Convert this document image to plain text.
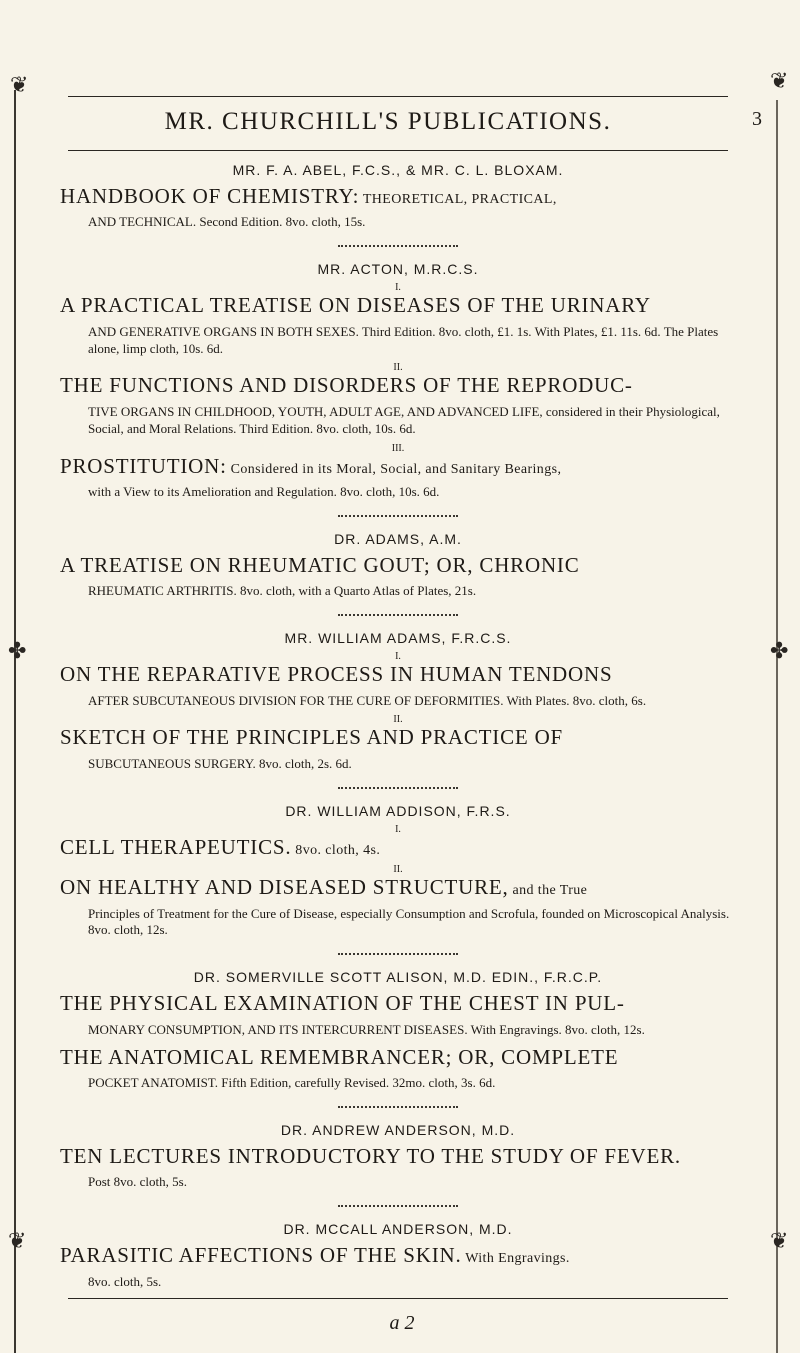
❦	❦
✤	✤
❦	❦
MR. CHURCHILL'S PUBLICATIONS.	3

MR. F. A. ABEL, F.C.S., & MR. C. L. BLOXAM.

HANDBOOK OF CHEMISTRY: THEORETICAL, PRACTICAL,

AND TECHNICAL. Second Edition. 8vo. cloth, 15s.

MR. ACTON, M.R.C.S.

I.

A PRACTICAL TREATISE ON DISEASES OF THE URINARY

AND GENERATIVE ORGANS IN BOTH SEXES. Third Edition. 8vo. cloth, £1. 1s. With Plates, £1. 11s. 6d. The Plates alone, limp cloth, 10s. 6d.

II.

THE FUNCTIONS AND DISORDERS OF THE REPRODUC-

TIVE ORGANS IN CHILDHOOD, YOUTH, ADULT AGE, AND ADVANCED LIFE, considered in their Physiological, Social, and Moral Relations. Third Edition. 8vo. cloth, 10s. 6d.

III.

PROSTITUTION: Considered in its Moral, Social, and Sanitary Bearings,

with a View to its Amelioration and Regulation. 8vo. cloth, 10s. 6d.

DR. ADAMS, A.M.

A TREATISE ON RHEUMATIC GOUT; OR, CHRONIC

RHEUMATIC ARTHRITIS. 8vo. cloth, with a Quarto Atlas of Plates, 21s.

MR. WILLIAM ADAMS, F.R.C.S.

I.

ON THE REPARATIVE PROCESS IN HUMAN TENDONS

AFTER SUBCUTANEOUS DIVISION FOR THE CURE OF DEFORMITIES. With Plates. 8vo. cloth, 6s.

II.

SKETCH OF THE PRINCIPLES AND PRACTICE OF

SUBCUTANEOUS SURGERY. 8vo. cloth, 2s. 6d.

DR. WILLIAM ADDISON, F.R.S.

I.

CELL THERAPEUTICS. 8vo. cloth, 4s.

II.

ON HEALTHY AND DISEASED STRUCTURE, and the True

Principles of Treatment for the Cure of Disease, especially Consumption and Scrofula, founded on Microscopical Analysis. 8vo. cloth, 12s.

DR. SOMERVILLE SCOTT ALISON, M.D. EDIN., F.R.C.P.

THE PHYSICAL EXAMINATION OF THE CHEST IN PUL-

MONARY CONSUMPTION, AND ITS INTERCURRENT DISEASES. With Engravings. 8vo. cloth, 12s.

THE ANATOMICAL REMEMBRANCER; OR, COMPLETE

POCKET ANATOMIST. Fifth Edition, carefully Revised. 32mo. cloth, 3s. 6d.

DR. ANDREW ANDERSON, M.D.

TEN LECTURES INTRODUCTORY TO THE STUDY OF FEVER.

Post 8vo. cloth, 5s.

DR. MCCALL ANDERSON, M.D.

PARASITIC AFFECTIONS OF THE SKIN. With Engravings.

8vo. cloth, 5s.

a 2
